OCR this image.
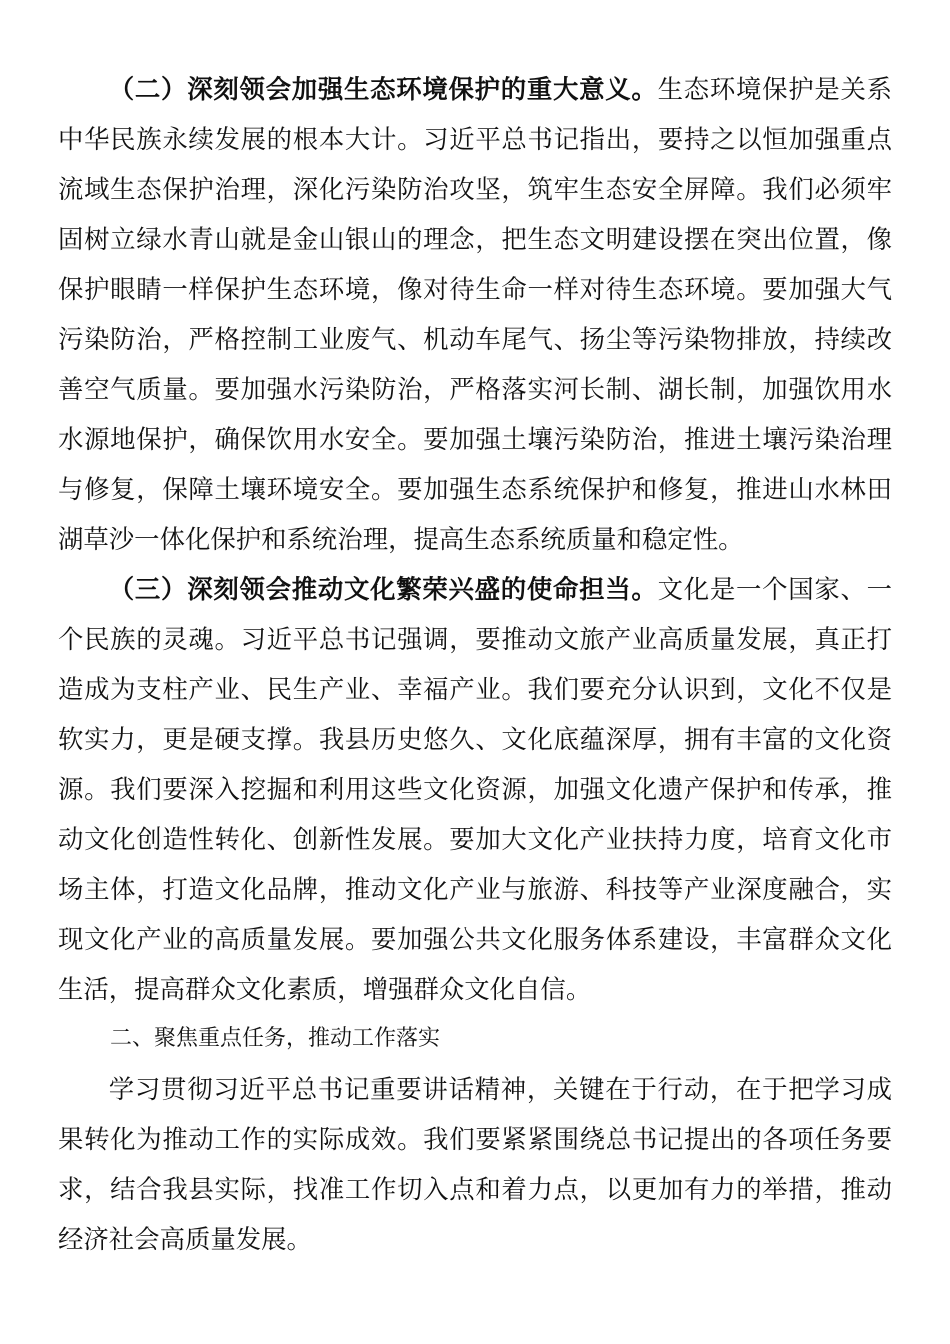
（二）深刻领会加强生态环境保护的重大意义。生态环境保护是关系中华民族永续发展的根本大计。习近平总书记指出，要持之以恒加强重点流域生态保护治理，深化污染防治攻坚，筑牢生态安全屏障。我们必须牢固树立绿水青山就是金山银山的理念，把生态文明建设摆在突出位置，像保护眼睛一样保护生态环境，像对待生命一样对待生态环境。要加强大气污染防治，严格控制工业废气、机动车尾气、扬尘等污染物排放，持续改善空气质量。要加强水污染防治，严格落实河长制、湖长制，加强饮用水水源地保护，确保饮用水安全。要加强土壤污染防治，推进土壤污染治理与修复，保障土壤环境安全。要加强生态系统保护和修复，推进山水林田湖草沙一体化保护和系统治理，提高生态系统质量和稳定性。

（三）深刻领会推动文化繁荣兴盛的使命担当。文化是一个国家、一个民族的灵魂。习近平总书记强调，要推动文旅产业高质量发展，真正打造成为支柱产业、民生产业、幸福产业。我们要充分认识到，文化不仅是软实力，更是硬支撑。我县历史悠久、文化底蕴深厚，拥有丰富的文化资源。我们要深入挖掘和利用这些文化资源，加强文化遗产保护和传承，推动文化创造性转化、创新性发展。要加大文化产业扶持力度，培育文化市场主体，打造文化品牌，推动文化产业与旅游、科技等产业深度融合，实现文化产业的高质量发展。要加强公共文化服务体系建设，丰富群众文化生活，提高群众文化素质，增强群众文化自信。

二、聚焦重点任务，推动工作落实

学习贯彻习近平总书记重要讲话精神，关键在于行动，在于把学习成果转化为推动工作的实际成效。我们要紧紧围绕总书记提出的各项任务要求，结合我县实际，找准工作切入点和着力点，以更加有力的举措，推动经济社会高质量发展。
